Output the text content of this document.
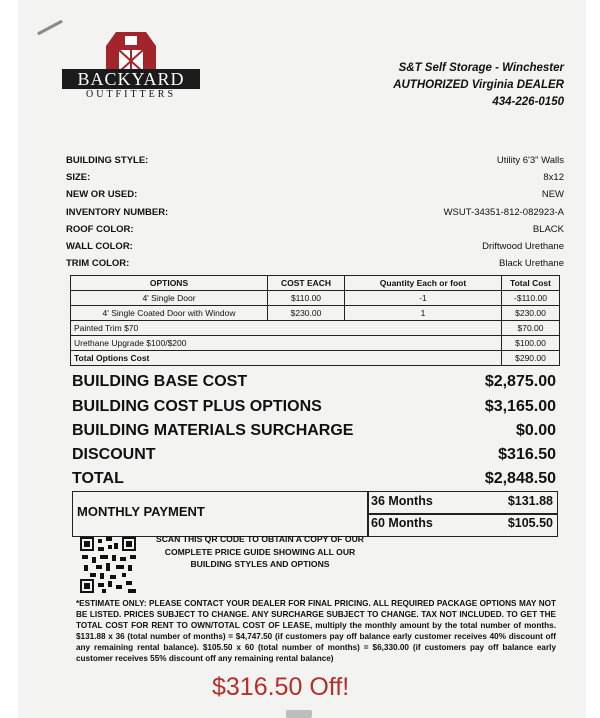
BACKYARD
OUTFITTERS
S&T Self Storage - Winchester
AUTHORIZED Virginia DEALER
434-226-0150
BUILDING STYLE:	Utility 6'3" Walls
SIZE:	8x12
NEW OR USED:	NEW
INVENTORY NUMBER:	WSUT-34351-812-082923-A
ROOF COLOR:	BLACK
WALL COLOR:	Driftwood Urethane
TRIM COLOR:	Black Urethane
OPTIONS	COST EACH	Quantity Each or foot	Total Cost
4' Single Door	$110.00	-1	-$110.00
4' Single Coated Door with Window	$230.00	1	$230.00
Painted Trim $70			$70.00
Urethane Upgrade $100/$200			$100.00
Total Options Cost			$290.00
BUILDING BASE COST	$2,875.00
BUILDING COST PLUS OPTIONS	$3,165.00
BUILDING MATERIALS SURCHARGE	$0.00
DISCOUNT	$316.50
TOTAL	$2,848.50
MONTHLY PAYMENT
36 Months	$131.88
60 Months	$105.50
SCAN THIS QR CODE TO OBTAIN A COPY OF OUR COMPLETE PRICE GUIDE SHOWING ALL OUR BUILDING STYLES AND OPTIONS
*ESTIMATE ONLY: PLEASE CONTACT YOUR DEALER FOR FINAL PRICING. ALL REQUIRED PACKAGE OPTIONS MAY NOT BE LISTED. PRICES SUBJECT TO CHANGE. ANY SURCHARGE SUBJECT TO CHANGE. TAX NOT INCLUDED. TO GET THE TOTAL COST FOR RENT TO OWN/TOTAL COST OF LEASE, multiply the monthly amount by the total number of months. $131.88 x 36 (total number of months) = $4,747.50 (if customers pay off balance early customer receives 40% discount off any remaining rental balance). $105.50 x 60 (total number of months) = $6,330.00 (if customers pay off balance early customer receives 55% discount off any remaining rental balance)
$316.50 Off!
